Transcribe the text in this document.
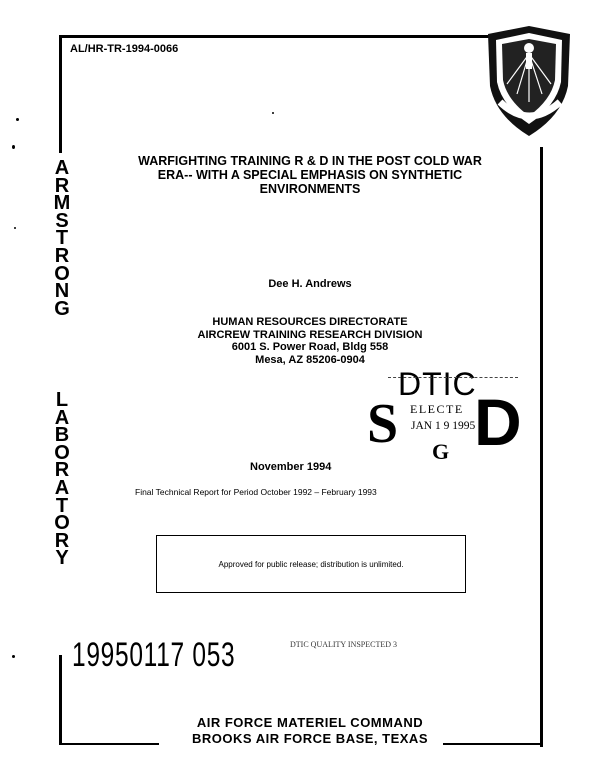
AL/HR-TR-1994-0066
A
R
M
S
T
R
O
N
G
L
A
B
O
R
A
T
O
R
Y
WARFIGHTING TRAINING R & D IN THE POST COLD WAR
ERA-- WITH A SPECIAL EMPHASIS ON SYNTHETIC
ENVIRONMENTS
Dee H. Andrews
HUMAN RESOURCES DIRECTORATE
AIRCREW TRAINING RESEARCH DIVISION
6001 S. Power Road, Bldg 558
Mesa, AZ 85206-0904
DTIC
ELECTE
JAN 1 9 1995
S D
G
November 1994
Final Technical Report for Period October 1992 – February 1993
Approved for public release; distribution is unlimited.
19950117 053	DTIC QUALITY INSPECTED 3
AIR FORCE MATERIEL COMMAND
BROOKS AIR FORCE BASE, TEXAS
